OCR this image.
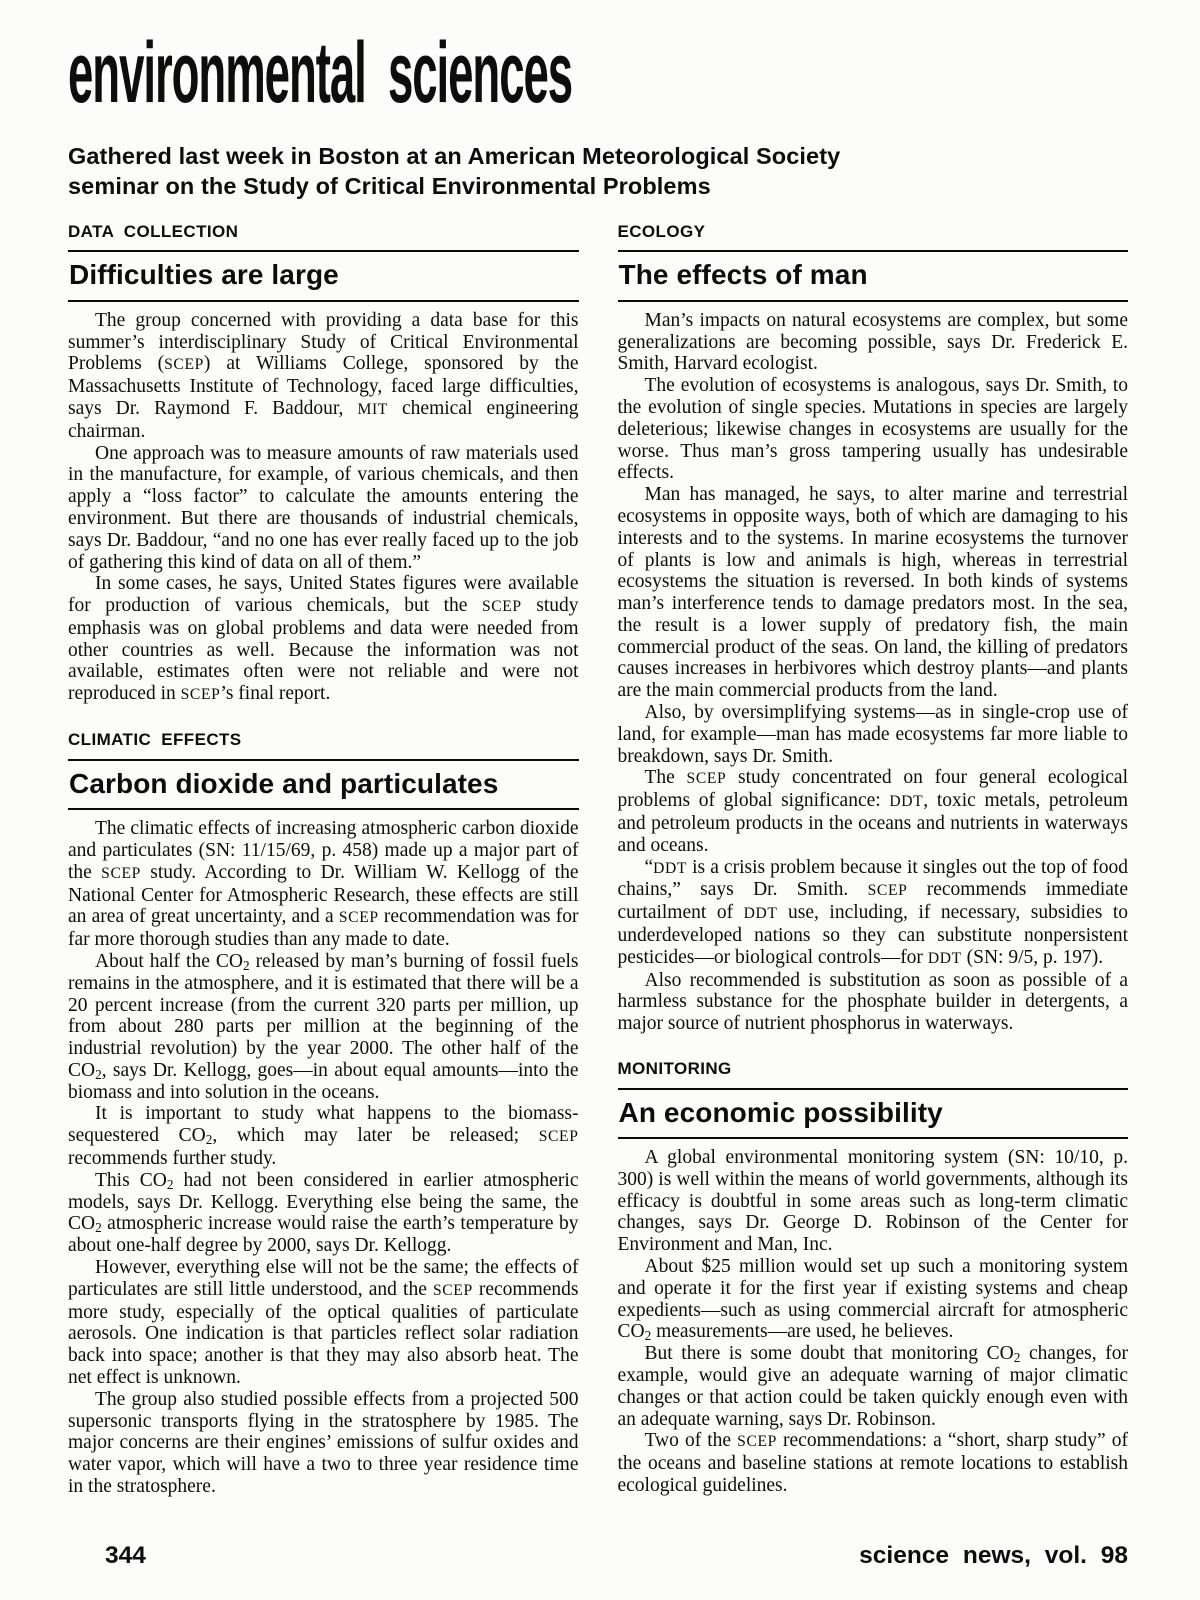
environmental sciences
Gathered last week in Boston at an American Meteorological Society
seminar on the Study of Critical Environmental Problems
DATA COLLECTION
Difficulties are large

The group concerned with providing a data base for this summer’s interdisciplinary Study of Critical Environmental Problems (SCEP) at Williams College, sponsored by the Massachusetts Institute of Technology, faced large difficulties, says Dr. Raymond F. Baddour, MIT chemical engineering chairman.

One approach was to measure amounts of raw materials used in the manufacture, for example, of various chemicals, and then apply a “loss factor” to calculate the amounts entering the environment. But there are thousands of industrial chemicals, says Dr. Baddour, “and no one has ever really faced up to the job of gathering this kind of data on all of them.”

In some cases, he says, United States figures were available for production of various chemicals, but the SCEP study emphasis was on global problems and data were needed from other countries as well. Because the information was not available, estimates often were not reliable and were not reproduced in SCEP’s final report.

CLIMATIC EFFECTS
Carbon dioxide and particulates

The climatic effects of increasing atmospheric carbon dioxide and particulates (SN: 11/15/69, p. 458) made up a major part of the SCEP study. According to Dr. William W. Kellogg of the National Center for Atmospheric Research, these effects are still an area of great uncertainty, and a SCEP recommendation was for far more thorough studies than any made to date.

About half the $CO_2$ released by man’s burning of fossil fuels remains in the atmosphere, and it is estimated that there will be a 20 percent increase (from the current 320 parts per million, up from about 280 parts per million at the beginning of the industrial revolution) by the year 2000. The other half of the $CO_2$, says Dr. Kellogg, goes—in about equal amounts—into the biomass and into solution in the oceans.

It is important to study what happens to the biomass-sequestered $CO_2$, which may later be released; SCEP recommends further study.

This $CO_2$ had not been considered in earlier atmospheric models, says Dr. Kellogg. Everything else being the same, the $CO_2$ atmospheric increase would raise the earth’s temperature by about one-half degree by 2000, says Dr. Kellogg.

However, everything else will not be the same; the effects of particulates are still little understood, and the SCEP recommends more study, especially of the optical qualities of particulate aerosols. One indication is that particles reflect solar radiation back into space; another is that they may also absorb heat. The net effect is unknown.

The group also studied possible effects from a projected 500 supersonic transports flying in the stratosphere by 1985. The major concerns are their engines’ emissions of sulfur oxides and water vapor, which will have a two to three year residence time in the stratosphere.

ECOLOGY
The effects of man

Man’s impacts on natural ecosystems are complex, but some generalizations are becoming possible, says Dr. Frederick E. Smith, Harvard ecologist.

The evolution of ecosystems is analogous, says Dr. Smith, to the evolution of single species. Mutations in species are largely deleterious; likewise changes in ecosystems are usually for the worse. Thus man’s gross tampering usually has undesirable effects.

Man has managed, he says, to alter marine and terrestrial ecosystems in opposite ways, both of which are damaging to his interests and to the systems. In marine ecosystems the turnover of plants is low and animals is high, whereas in terrestrial ecosystems the situation is reversed. In both kinds of systems man’s interference tends to damage predators most. In the sea, the result is a lower supply of predatory fish, the main commercial product of the seas. On land, the killing of predators causes increases in herbivores which destroy plants—and plants are the main commercial products from the land.

Also, by oversimplifying systems—as in single-crop use of land, for example—man has made ecosystems far more liable to breakdown, says Dr. Smith.

The SCEP study concentrated on four general ecological problems of global significance: DDT, toxic metals, petroleum and petroleum products in the oceans and nutrients in waterways and oceans.

“DDT is a crisis problem because it singles out the top of food chains,” says Dr. Smith. SCEP recommends immediate curtailment of DDT use, including, if necessary, subsidies to underdeveloped nations so they can substitute nonpersistent pesticides—or biological controls—for DDT (SN: 9/5, p. 197).

Also recommended is substitution as soon as possible of a harmless substance for the phosphate builder in detergents, a major source of nutrient phosphorus in waterways.

MONITORING
An economic possibility

A global environmental monitoring system (SN: 10/10, p. 300) is well within the means of world governments, although its efficacy is doubtful in some areas such as long-term climatic changes, says Dr. George D. Robinson of the Center for Environment and Man, Inc.

About $25 million would set up such a monitoring system and operate it for the first year if existing systems and cheap expedients—such as using commercial aircraft for atmospheric $CO_2$ measurements—are used, he believes.

But there is some doubt that monitoring $CO_2$ changes, for example, would give an adequate warning of major climatic changes or that action could be taken quickly enough even with an adequate warning, says Dr. Robinson.

Two of the SCEP recommendations: a “short, sharp study” of the oceans and baseline stations at remote locations to establish ecological guidelines.

344	science news, vol. 98
